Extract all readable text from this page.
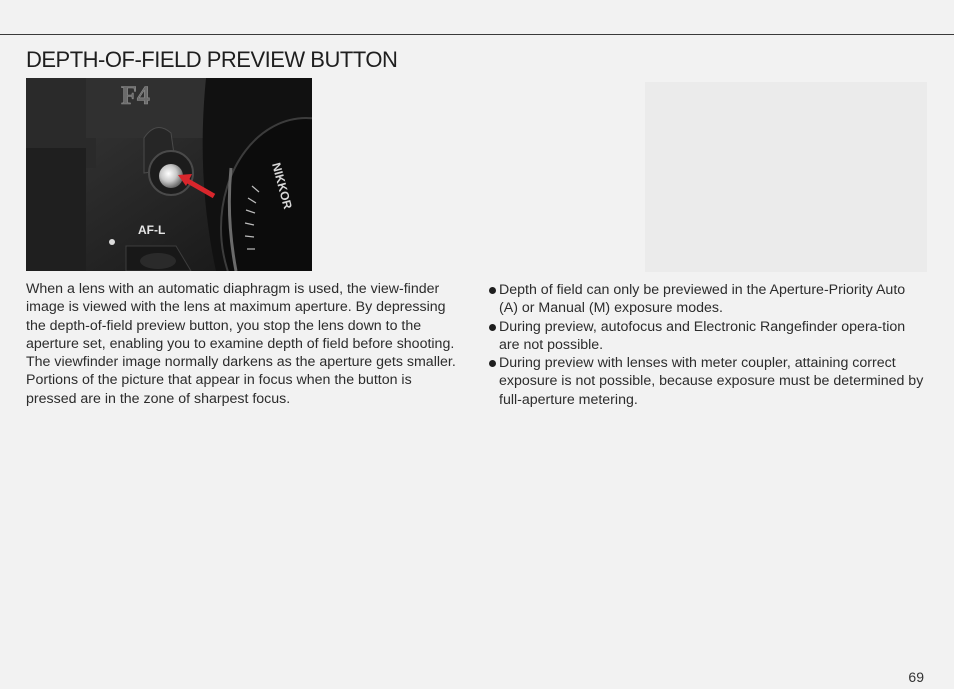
DEPTH-OF-FIELD PREVIEW BUTTON
NIKKOR
F4
AF-L

When a lens with an automatic diaphragm is used, the view-finder image is viewed with the lens at maximum aperture. By depressing the depth-of-field preview button, you stop the lens down to the aperture set, enabling you to examine depth of field before shooting. The viewfinder image normally darkens as the aperture gets smaller. Portions of the picture that appear in focus when the button is pressed are in the zone of sharpest focus.

Depth of field can only be previewed in the Aperture-Priority Auto (A) or Manual (M) exposure modes.

During preview, autofocus and Electronic Rangefinder opera-tion are not possible.

During preview with lenses with meter coupler, attaining correct exposure is not possible, because exposure must be determined by full-aperture metering.

69
